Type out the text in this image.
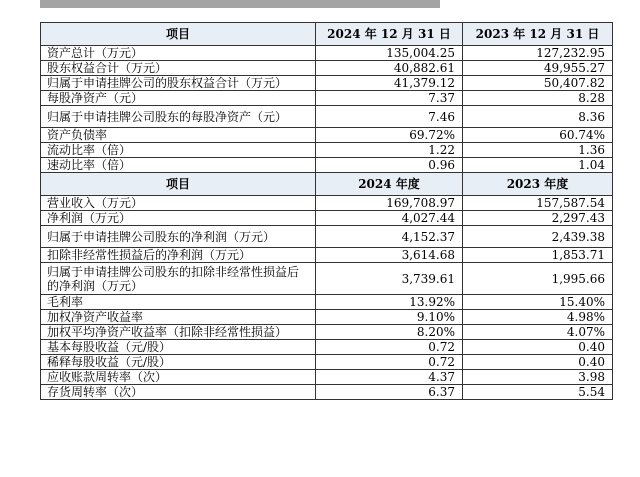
项目	2024 年 12 月 31 日	2023 年 12 月 31 日
资产总计（万元）	135,004.25	127,232.95
股东权益合计（万元）	40,882.61	49,955.27
归属于申请挂牌公司的股东权益合计（万元）	41,379.12	50,407.82
每股净资产（元）	7.37	8.28
归属于申请挂牌公司股东的每股净资产（元）	7.46	8.36
资产负债率	69.72%	60.74%
流动比率（倍）	1.22	1.36
速动比率（倍）	0.96	1.04
项目	2024 年度	2023 年度
营业收入（万元）	169,708.97	157,587.54
净利润（万元）	4,027.44	2,297.43
归属于申请挂牌公司股东的净利润（万元）	4,152.37	2,439.38
扣除非经常性损益后的净利润（万元）	3,614.68	1,853.71
归属于申请挂牌公司股东的扣除非经常性损益后的净利润（万元）	3,739.61	1,995.66
毛利率	13.92%	15.40%
加权净资产收益率	9.10%	4.98%
加权平均净资产收益率（扣除非经常性损益）	8.20%	4.07%
基本每股收益（元/股）	0.72	0.40
稀释每股收益（元/股）	0.72	0.40
应收账款周转率（次）	4.37	3.98
存货周转率（次）	6.37	5.54
